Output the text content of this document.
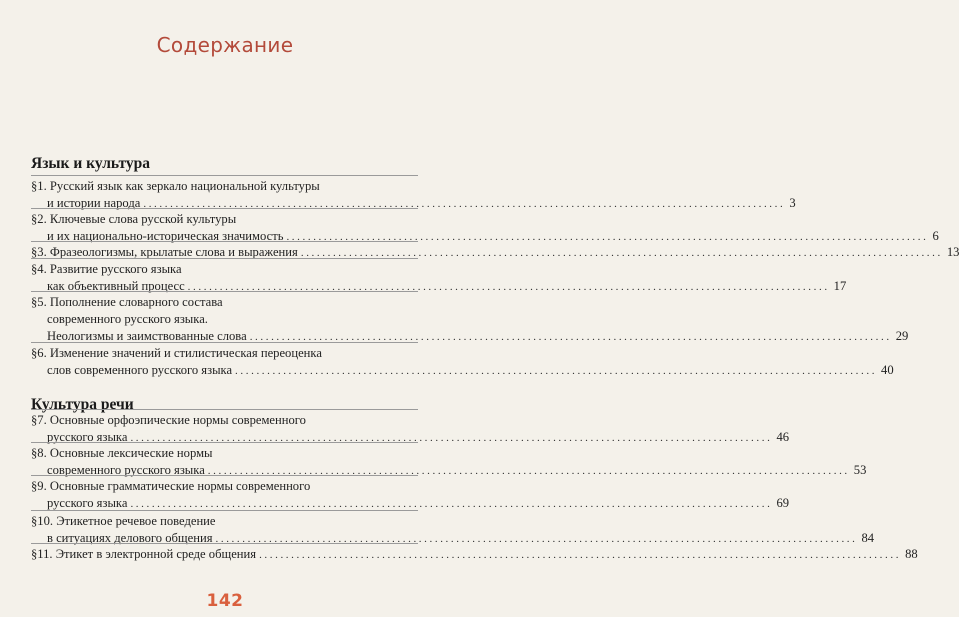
Содержание
Язык и культура
§1. Русский язык как зеркало национальной культуры
и истории народа ........................................................................................................................ 3
§2. Ключевые слова русской культуры
и их национально-историческая значимость ........................................................................................................................ 6
§3. Фразеологизмы, крылатые слова и выражения ........................................................................................................................ 13
§4. Развитие русского языка
как объективный процесс ........................................................................................................................ 17
§5. Пополнение словарного состава
современного русского языка.
Неологизмы и заимствованные слова ........................................................................................................................ 29
§6. Изменение значений и стилистическая переоценка
слов современного русского языка ........................................................................................................................ 40
Культура речи
§7. Основные орфоэпические нормы современного
русского языка ........................................................................................................................ 46
§8. Основные лексические нормы
современного русского языка ........................................................................................................................ 53
§9. Основные грамматические нормы современного
русского языка ........................................................................................................................ 69
§10. Этикетное речевое поведение
в ситуациях делового общения ........................................................................................................................ 84
§11. Этикет в электронной среде общения ........................................................................................................................ 88
142
